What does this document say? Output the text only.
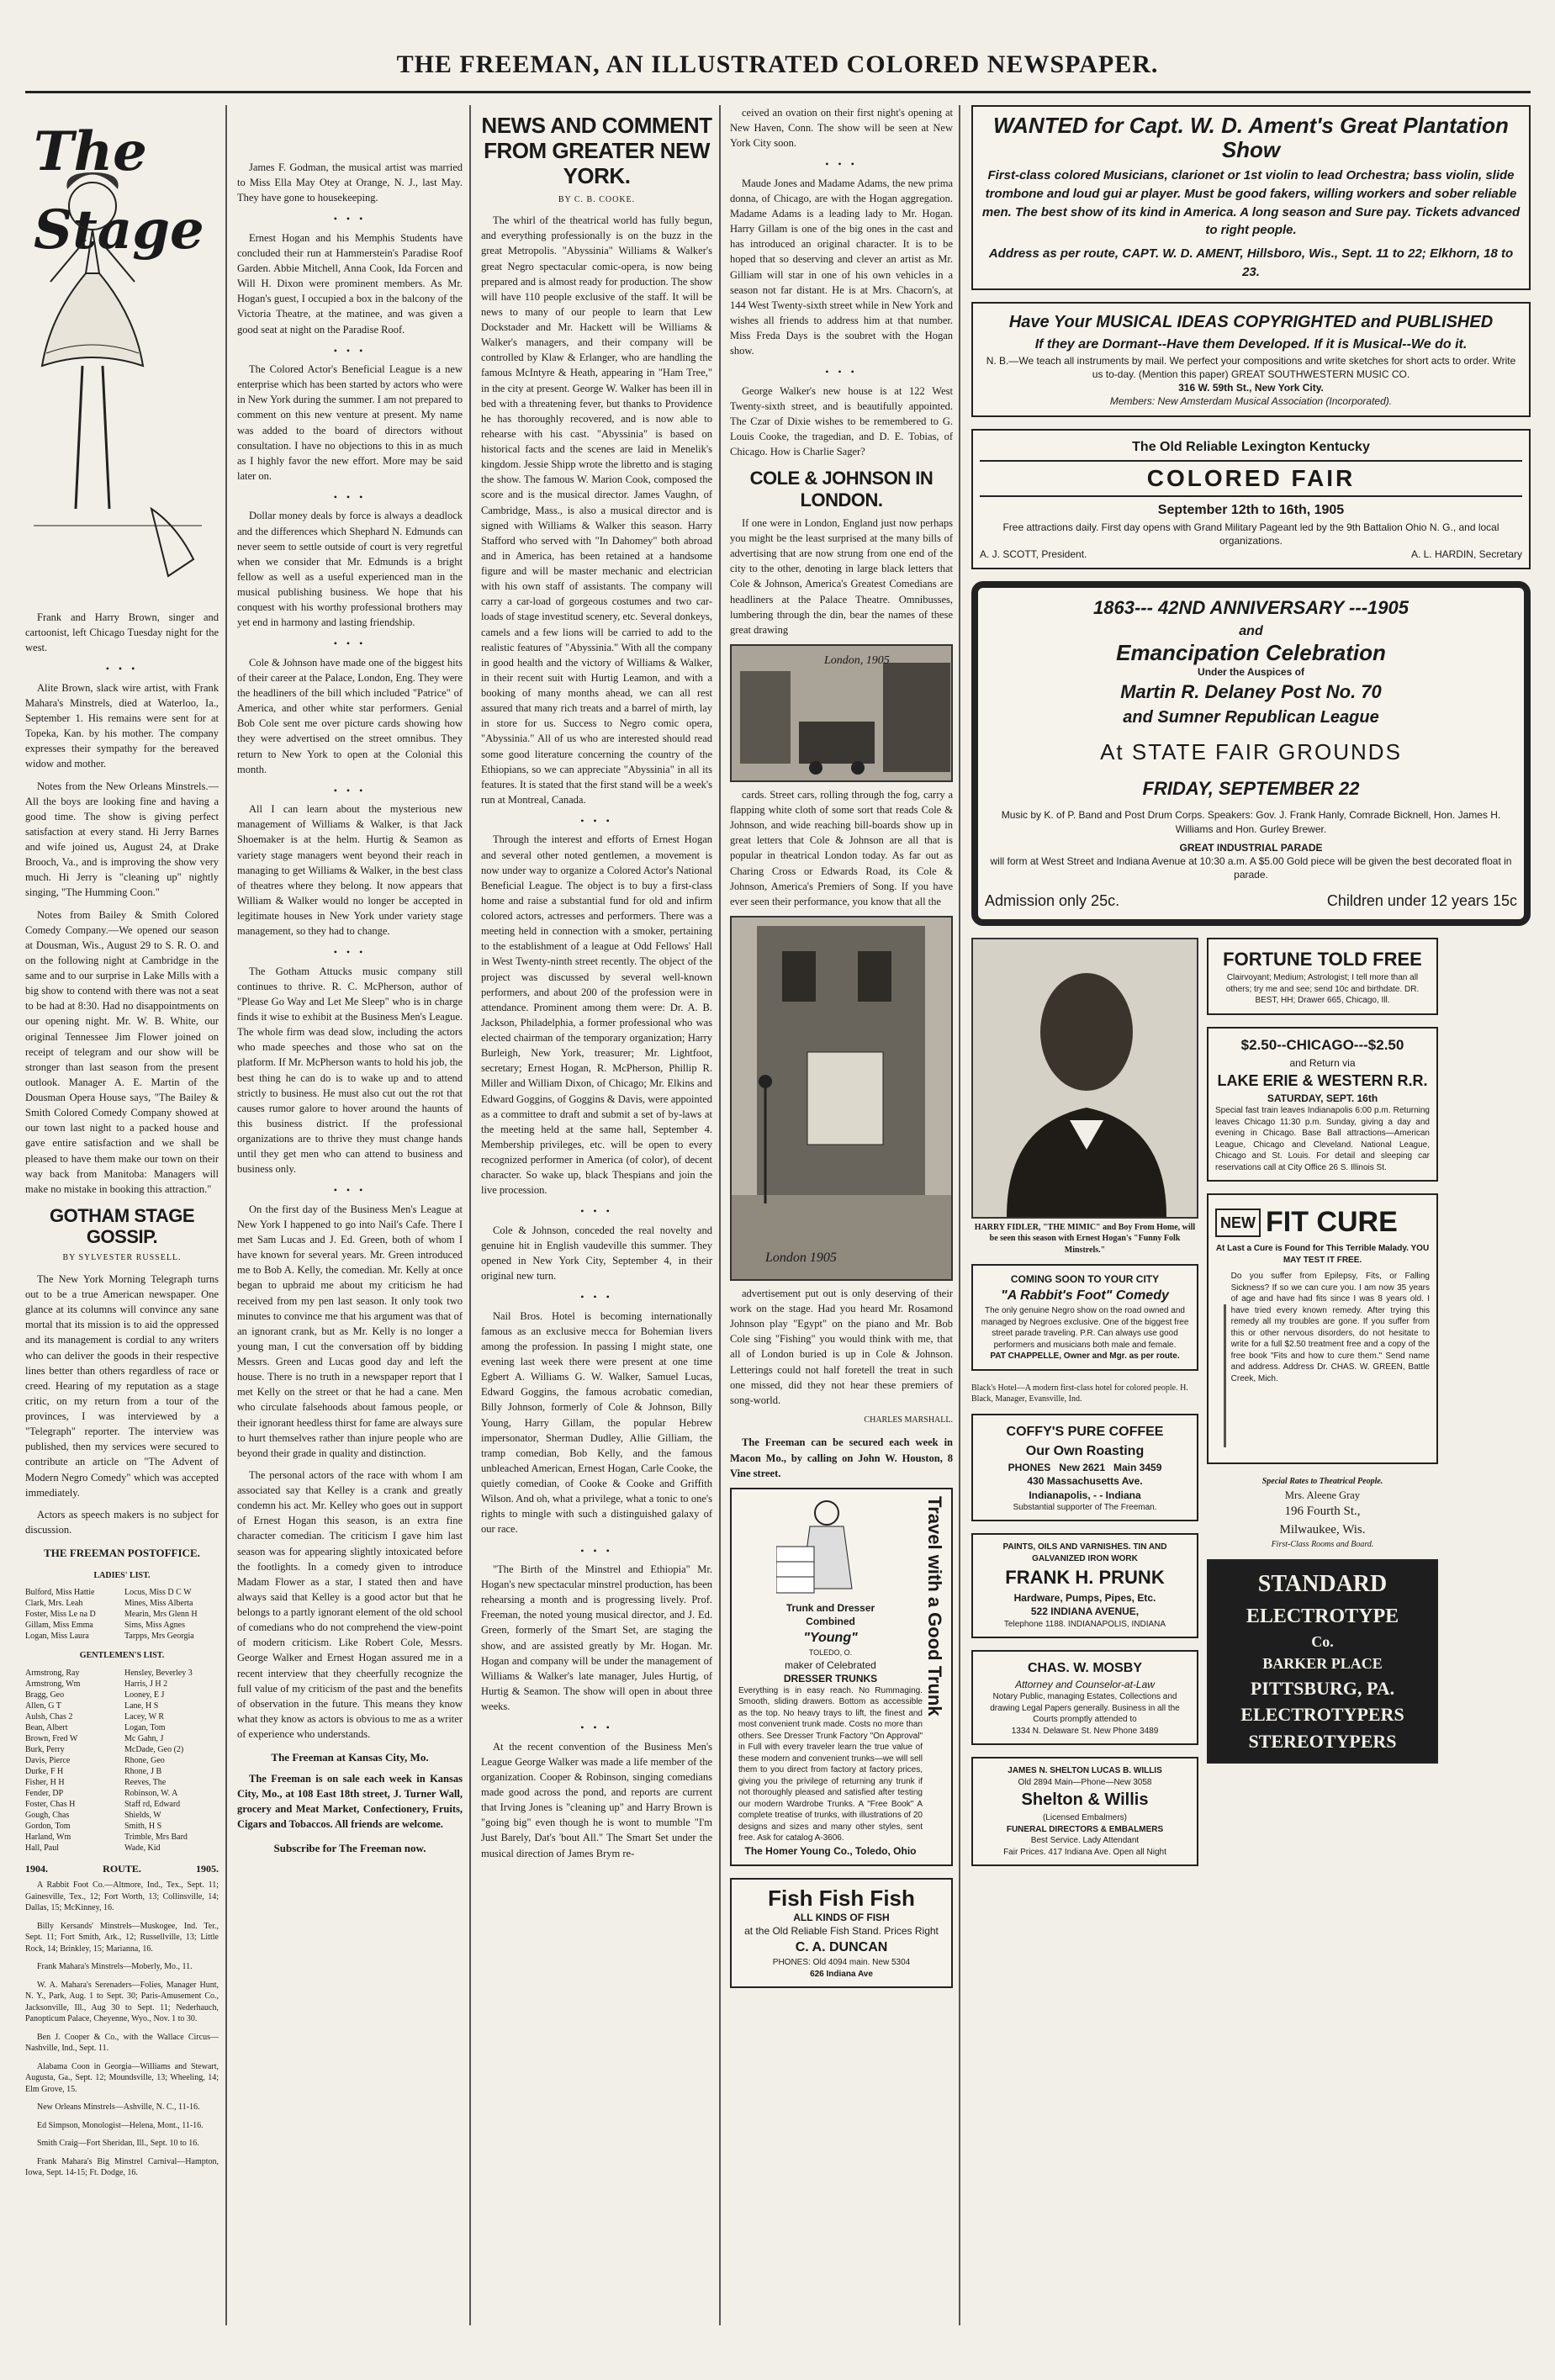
THE FREEMAN, AN ILLUSTRATED COLORED NEWSPAPER.
The Stage

Frank and Harry Brown, singer and cartoonist, left Chicago Tuesday night for the west.

• • •

Alite Brown, slack wire artist, with Frank Mahara's Minstrels, died at Waterloo, Ia., September 1. His remains were sent for at Topeka, Kan. by his mother. The company expresses their sympathy for the bereaved widow and mother.

Notes from the New Orleans Minstrels.—All the boys are looking fine and having a good time. The show is giving perfect satisfaction at every stand. Hi Jerry Barnes and wife joined us, August 24, at Drake Brooch, Va., and is improving the show very much. Hi Jerry is "cleaning up" nightly singing, "The Humming Coon."

Notes from Bailey & Smith Colored Comedy Company.—We opened our season at Dousman, Wis., August 29 to S. R. O. and on the following night at Cambridge in the same and to our surprise in Lake Mills with a big show to contend with there was not a seat to be had at 8:30. Had no disappointments on our opening night. Mr. W. B. White, our original Tennessee Jim Flower joined on receipt of telegram and our show will be stronger than last season from the present outlook. Manager A. E. Martin of the Dousman Opera House says, "The Bailey & Smith Colored Comedy Company showed at our town last night to a packed house and gave entire satisfaction and we shall be pleased to have them make our town on their way back from Manitoba: Managers will make no mistake in booking this attraction."

GOTHAM STAGE GOSSIP.
BY SYLVESTER RUSSELL.

The New York Morning Telegraph turns out to be a true American newspaper. One glance at its columns will convince any sane mortal that its mission is to aid the oppressed and its management is cordial to any writers who can deliver the goods in their respective lines better than others regardless of race or creed. Hearing of my reputation as a stage critic, on my return from a tour of the provinces, I was interviewed by a "Telegraph" reporter. The interview was published, then my services were secured to contribute an article on "The Advent of Modern Negro Comedy" which was accepted immediately.

Actors as speech makers is no subject for discussion.

THE FREEMAN POSTOFFICE.
LADIES' LIST.
Bulford, Miss Hattie	Locus, Miss D C W
Clark, Mrs. Leah	Mines, Miss Alberta
Foster, Miss Le na D	Mearin, Mrs Glenn H
Gillam, Miss Emma	Sims, Miss Agnes
Logan, Miss Laura	Tarpps, Mrs Georgia
GENTLEMEN'S LIST.
Armstrong, Ray	Hensley, Beverley 3
Armstrong, Wm	Harris, J H 2
Bragg, Geo	Looney, E J
Allen, G T	Lane, H S
Aulsh, Chas 2	Lacey, W R
Bean, Albert	Logan, Tom
Brown, Fred W	Mc Gahn, J
Burk, Perry	McDade, Geo (2)
Davis, Pierce	Rhone, Geo
Durke, F H	Rhone, J B
Fisher, H H	Reeves, The
Fender, DP	Robinson, W. A
Foster, Chas H	Staff rd, Edward
Gough, Chas	Shields, W
Gordon, Tom	Smith, H S
Harland, Wm	Trimble, Mrs Bard
Hall, Paul	Wade, Kid
1904.	ROUTE.	1905.

A Rabbit Foot Co.—Altmore, Ind., Tex., Sept. 11; Gainesville, Tex., 12; Fort Worth, 13; Collinsville, 14; Dallas, 15; McKinney, 16.

Billy Kersands' Minstrels—Muskogee, Ind. Ter., Sept. 11; Fort Smith, Ark., 12; Russellville, 13; Little Rock, 14; Brinkley, 15; Marianna, 16.

Frank Mahara's Minstrels—Moberly, Mo., 11.

W. A. Mahara's Serenaders—Folies, Manager Hunt, N. Y., Park, Aug. 1 to Sept. 30; Paris-Amusement Co., Jacksonville, Ill., Aug 30 to Sept. 11; Nederhauch, Panopticum Palace, Cheyenne, Wyo., Nov. 1 to 30.

Ben J. Cooper & Co., with the Wallace Circus—Nashville, Ind., Sept. 11.

Alabama Coon in Georgia—Williams and Stewart, Augusta, Ga., Sept. 12; Moundsville, 13; Wheeling, 14; Elm Grove, 15.

New Orleans Minstrels—Ashville, N. C., 11-16.

Ed Simpson, Monologist—Helena, Mont., 11-16.

Smith Craig—Fort Sheridan, Ill., Sept. 10 to 16.

Frank Mahara's Big Minstrel Carnival—Hampton, Iowa, Sept. 14-15; Ft. Dodge, 16.

James F. Godman, the musical artist was married to Miss Ella May Otey at Orange, N. J., last May. They have gone to housekeeping.

• • •

Ernest Hogan and his Memphis Students have concluded their run at Hammerstein's Paradise Roof Garden. Abbie Mitchell, Anna Cook, Ida Forcen and Will H. Dixon were prominent members. As Mr. Hogan's guest, I occupied a box in the balcony of the Victoria Theatre, at the matinee, and was given a good seat at night on the Paradise Roof.

• • •

The Colored Actor's Beneficial League is a new enterprise which has been started by actors who were in New York during the summer. I am not prepared to comment on this new venture at present. My name was added to the board of directors without consultation. I have no objections to this in as much as I highly favor the new effort. More may be said later on.

• • •

Dollar money deals by force is always a deadlock and the differences which Shephard N. Edmunds can never seem to settle outside of court is very regretful when we consider that Mr. Edmunds is a bright fellow as well as a useful experienced man in the musical publishing business. We hope that his conquest with his worthy professional brothers may yet end in harmony and lasting friendship.

• • •

Cole & Johnson have made one of the biggest hits of their career at the Palace, London, Eng. They were the headliners of the bill which included "Patrice" of America, and other white star performers. Genial Bob Cole sent me over picture cards showing how they were advertised on the street omnibus. They return to New York to open at the Colonial this month.

• • •

All I can learn about the mysterious new management of Williams & Walker, is that Jack Shoemaker is at the helm. Hurtig & Seamon as variety stage managers went beyond their reach in managing to get Williams & Walker, in the best class of theatres where they belong. It now appears that William & Walker would no longer be accepted in legitimate houses in New York under variety stage management, so they had to change.

• • •

The Gotham Attucks music company still continues to thrive. R. C. McPherson, author of "Please Go Way and Let Me Sleep" who is in charge finds it wise to exhibit at the Business Men's League. The whole firm was dead slow, including the actors who made speeches and those who sat on the platform. If Mr. McPherson wants to hold his job, the best thing he can do is to wake up and to attend strictly to business. He must also cut out the rot that causes rumor galore to hover around the haunts of this business district. If the professional organizations are to thrive they must change hands until they get men who can attend to business and business only.

• • •

On the first day of the Business Men's League at New York I happened to go into Nail's Cafe. There I met Sam Lucas and J. Ed. Green, both of whom I have known for several years. Mr. Green introduced me to Bob A. Kelly, the comedian. Mr. Kelly at once began to upbraid me about my criticism he had received from my pen last season. It only took two minutes to convince me that his argument was that of an ignorant crank, but as Mr. Kelly is no longer a young man, I cut the conversation off by bidding Messrs. Green and Lucas good day and left the house. There is no truth in a newspaper report that I met Kelly on the street or that he had a cane. Men who circulate falsehoods about famous people, or their ignorant heedless thirst for fame are always sure to hurt themselves rather than injure people who are beyond their grade in quality and distinction.

The personal actors of the race with whom I am associated say that Kelley is a crank and greatly condemn his act. Mr. Kelley who goes out in support of Ernest Hogan this season, is an extra fine character comedian. The criticism I gave him last season was for appearing slightly intoxicated before the footlights. In a comedy given to introduce Madam Flower as a star, I stated then and have always said that Kelley is a good actor but that he belongs to a partly ignorant element of the old school of comedians who do not comprehend the view-point of modern criticism. Like Robert Cole, Messrs. George Walker and Ernest Hogan assured me in a recent interview that they cheerfully recognize the full value of my criticism of the past and the benefits of observation in the future. This means they know what they know as actors is obvious to me as a writer of experience who understands.

The Freeman at Kansas City, Mo.

The Freeman is on sale each week in Kansas City, Mo., at 108 East 18th street, J. Turner Wall, grocery and Meat Market, Confectionery, Fruits, Cigars and Tobaccos. All friends are welcome.

Subscribe for The Freeman now.
NEWS AND COMMENT FROM GREATER NEW YORK.
BY C. B. COOKE.

The whirl of the theatrical world has fully begun, and everything professionally is on the buzz in the great Metropolis. "Abyssinia" Williams & Walker's great Negro spectacular comic-opera, is now being prepared and is almost ready for production. The show will have 110 people exclusive of the staff. It will be news to many of our people to learn that Lew Dockstader and Mr. Hackett will be Williams & Walker's managers, and their company will be controlled by Klaw & Erlanger, who are handling the famous McIntyre & Heath, appearing in "Ham Tree," in the city at present. George W. Walker has been ill in bed with a threatening fever, but thanks to Providence he has thoroughly recovered, and is now able to rehearse with his cast. "Abyssinia" is based on historical facts and the scenes are laid in Menelik's kingdom. Jessie Shipp wrote the libretto and is staging the show. The famous W. Marion Cook, composed the score and is the musical director. James Vaughn, of Cambridge, Mass., is also a musical director and is signed with Williams & Walker this season. Harry Stafford who served with "In Dahomey" both abroad and in America, has been retained at a handsome figure and will be master mechanic and electrician with his own staff of assistants. The company will carry a car-load of gorgeous costumes and two car-loads of stage investitud scenery, etc. Several donkeys, camels and a few lions will be carried to add to the realistic features of "Abyssinia." With all the company in good health and the victory of Williams & Walker, in their recent suit with Hurtig Leamon, and with a booking of many months ahead, we can all rest assured that many rich treats and a barrel of mirth, lay in store for us. Success to Negro comic opera, "Abyssinia." All of us who are interested should read some good literature concerning the country of the Ethiopians, so we can appreciate "Abyssinia" in all its features. It is stated that the first stand will be a week's run at Montreal, Canada.

• • •

Through the interest and efforts of Ernest Hogan and several other noted gentlemen, a movement is now under way to organize a Colored Actor's National Beneficial League. The object is to buy a first-class home and raise a substantial fund for old and infirm colored actors, actresses and performers. There was a meeting held in connection with a smoker, pertaining to the establishment of a league at Odd Fellows' Hall in West Twenty-ninth street recently. The object of the project was discussed by several well-known performers, and about 200 of the profession were in attendance. Prominent among them were: Dr. A. B. Jackson, Philadelphia, a former professional who was elected chairman of the temporary organization; Harry Burleigh, New York, treasurer; Mr. Lightfoot, secretary; Ernest Hogan, R. McPherson, Phillip R. Miller and William Dixon, of Chicago; Mr. Elkins and Edward Goggins, of Goggins & Davis, were appointed as a committee to draft and submit a set of by-laws at the meeting held at the same hall, September 4. Membership privileges, etc. will be open to every recognized performer in America (of color), of decent character. So wake up, black Thespians and join the live procession.

• • •

Cole & Johnson, conceded the real novelty and genuine hit in English vaudeville this summer. They opened in New York City, September 4, in their original new turn.

• • •

Nail Bros. Hotel is becoming internationally famous as an exclusive mecca for Bohemian livers among the profession. In passing I might state, one evening last week there were present at one time Egbert A. Williams G. W. Walker, Samuel Lucas, Edward Goggins, the famous acrobatic comedian, Billy Johnson, formerly of Cole & Johnson, Billy Young, Harry Gillam, the popular Hebrew impersonator, Sherman Dudley, Allie Gilliam, the tramp comedian, Bob Kelly, and the famous unbleached American, Ernest Hogan, Carle Cooke, the quietly comedian, of Cooke & Cooke and Griffith Wilson. And oh, what a privilege, what a tonic to one's rights to mingle with such a distinguished galaxy of our race.

• • •

"The Birth of the Minstrel and Ethiopia" Mr. Hogan's new spectacular minstrel production, has been rehearsing a month and is progressing lively. Prof. Freeman, the noted young musical director, and J. Ed. Green, formerly of the Smart Set, are staging the show, and are assisted greatly by Mr. Hogan. Mr. Hogan and company will be under the management of Williams & Walker's late manager, Jules Hurtig, of Hurtig & Seamon. The show will open in about three weeks.

• • •

At the recent convention of the Business Men's League George Walker was made a life member of the organization. Cooper & Robinson, singing comedians made good across the pond, and reports are current that Irving Jones is "cleaning up" and Harry Brown is "going big" even though he is wont to mumble "I'm Just Barely, Dat's 'bout All." The Smart Set under the musical direction of James Brym re-

ceived an ovation on their first night's opening at New Haven, Conn. The show will be seen at New York City soon.

• • •

Maude Jones and Madame Adams, the new prima donna, of Chicago, are with the Hogan aggregation. Madame Adams is a leading lady to Mr. Hogan. Harry Gillam is one of the big ones in the cast and has introduced an original character. It is to be hoped that so deserving and clever an artist as Mr. Gilliam will star in one of his own vehicles in a season not far distant. He is at Mrs. Chacorn's, at 144 West Twenty-sixth street while in New York and wishes all friends to address him at that number. Miss Freda Days is the soubret with the Hogan show.

• • •

George Walker's new house is at 122 West Twenty-sixth street, and is beautifully appointed. The Czar of Dixie wishes to be remembered to G. Louis Cooke, the tragedian, and D. E. Tobias, of Chicago. How is Charlie Sager?

COLE & JOHNSON IN LONDON.

If one were in London, England just now perhaps you might be the least surprised at the many bills of advertising that are now strung from one end of the city to the other, denoting in large black letters that Cole & Johnson, America's Greatest Comedians are headliners at the Palace Theatre. Omnibusses, lumbering through the din, bear the names of these great drawing

London, 1905

cards. Street cars, rolling through the fog, carry a flapping white cloth of some sort that reads Cole & Johnson, and wide reaching bill-boards show up in great letters that Cole & Johnson are all that is popular in theatrical London today. As far out as Charing Cross or Edwards Road, its Cole & Johnson, America's Premiers of Song. If you have ever seen their performance, you know that all the

London 1905

advertisement put out is only deserving of their work on the stage. Had you heard Mr. Rosamond Johnson play "Egypt" on the piano and Mr. Bob Cole sing "Fishing" you would think with me, that all of London buried is up in Cole & Johnson. Letterings could not half foretell the treat in such one missed, did they not hear these premiers of song-world.

CHARLES MARSHALL.

The Freeman can be secured each week in Macon Mo., by calling on John W. Houston, 8 Vine street.

Travel with a Good Trunk
Trunk and Dresser
Combined
"Young"
TOLEDO, O.
maker of Celebrated
DRESSER TRUNKS
Everything is in easy reach. No Rummaging. Smooth, sliding drawers. Bottom as accessible as the top. No heavy trays to lift, the finest and most convenient trunk made. Costs no more than others. See Dresser Trunk Factory "On Approval" in Full with every traveler learn the true value of these modern and convenient trunks—we will sell them to you direct from factory at factory prices, giving you the privilege of returning any trunk if not thoroughly pleased and satisfied after testing our modern Wardrobe Trunks. A "Free Book" A complete treatise of trunks, with illustrations of 20 designs and sizes and many other styles, sent free. Ask for catalog A-3606.
The Homer Young Co., Toledo, Ohio
Fish Fish Fish
ALL KINDS OF FISH
at the Old Reliable Fish Stand. Prices Right
C. A. DUNCAN
PHONES: Old 4094 main. New 5304
626 Indiana Ave
WANTED for Capt. W. D. Ament's Great Plantation Show
First-class colored Musicians, clarionet or 1st violin to lead Orchestra; bass violin, slide trombone and loud gui ar player. Must be good fakers, willing workers and sober reliable men. The best show of its kind in America. A long season and Sure pay. Tickets advanced to right people.
Address as per route, CAPT. W. D. AMENT, Hillsboro, Wis., Sept. 11 to 22; Elkhorn, 18 to 23.
Have Your MUSICAL IDEAS COPYRIGHTED and PUBLISHED
If they are Dormant--Have them Developed. If it is Musical--We do it.
N. B.—We teach all instruments by mail. We perfect your compositions and write sketches for short acts to order. Write us to-day. (Mention this paper) GREAT SOUTHWESTERN MUSIC CO.
316 W. 59th St., New York City.
Members: New Amsterdam Musical Association (Incorporated).
The Old Reliable Lexington Kentucky
COLORED FAIR
September 12th to 16th, 1905
Free attractions daily. First day opens with Grand Military Pageant led by the 9th Battalion Ohio N. G., and local organizations.
A. J. SCOTT, President.	A. L. HARDIN, Secretary
1863--- 42ND ANNIVERSARY ---1905
and
Emancipation Celebration
Under the Auspices of
Martin R. Delaney Post No. 70
and Sumner Republican League
At STATE FAIR GROUNDS
FRIDAY, SEPTEMBER 22
Music by K. of P. Band and Post Drum Corps. Speakers: Gov. J. Frank Hanly, Comrade Bicknell, Hon. James H. Williams and Hon. Gurley Brewer.
GREAT INDUSTRIAL PARADE
will form at West Street and Indiana Avenue at 10:30 a.m. A $5.00 Gold piece will be given the best decorated float in parade.
Admission only 25c.	Children under 12 years 15c
HARRY FIDLER, "THE MIMIC" and Boy From Home, will be seen this season with Ernest Hogan's "Funny Folk Minstrels."
COMING SOON TO YOUR CITY
"A Rabbit's Foot" Comedy
The only genuine Negro show on the road owned and managed by Negroes exclusive. One of the biggest free street parade traveling. P.R. Can always use good performers and musicians both male and female.
PAT CHAPPELLE, Owner and Mgr. as per route.
Black's Hotel—A modern first-class hotel for colored people. H. Black, Manager, Evansville, Ind.
COFFY'S PURE COFFEE
Our Own Roasting
PHONES New 2621 Main 3459
430 Massachusetts Ave.
Indianapolis, - - Indiana
Substantial supporter of The Freeman.
PAINTS, OILS AND VARNISHES. TIN AND GALVANIZED IRON WORK
FRANK H. PRUNK
Hardware, Pumps, Pipes, Etc.
522 INDIANA AVENUE,
Telephone 1188. INDIANAPOLIS, INDIANA
CHAS. W. MOSBY
Attorney and Counselor-at-Law
Notary Public, managing Estates, Collections and drawing Legal Papers generally. Business in all the Courts promptly attended to
1334 N. Delaware St. New Phone 3489
JAMES N. SHELTON LUCAS B. WILLIS
Old 2894 Main—Phone—New 3058
Shelton & Willis
(Licensed Embalmers)
FUNERAL DIRECTORS & EMBALMERS
Best Service. Lady Attendant
Fair Prices. 417 Indiana Ave. Open all Night
FORTUNE TOLD FREE
Clairvoyant; Medium; Astrologist; I tell more than all others; try me and see; send 10c and birthdate. DR. BEST, HH; Drawer 665, Chicago, Ill.
$2.50--CHICAGO---$2.50
and Return via
LAKE ERIE & WESTERN R.R.
SATURDAY, SEPT. 16th
Special fast train leaves Indianapolis 6:00 p.m. Returning leaves Chicago 11:30 p.m. Sunday, giving a day and evening in Chicago. Base Ball attractions—American League, Chicago and Cleveland. National League, Chicago and St. Louis. For detail and sleeping car reservations call at City Office 26 S. Illinois St.
NEW FIT CURE
At Last a Cure is Found for This Terrible Malady. YOU MAY TEST IT FREE.
Do you suffer from Epilepsy, Fits, or Falling Sickness? If so we can cure you. I am now 35 years of age and have had fits since I was 8 years old. I have tried every known remedy. After trying this remedy all my troubles are gone. If you suffer from this or other nervous disorders, do not hesitate to write for a full $2.50 treatment free and a copy of the free book "Fits and how to cure them." Send name and address. Address Dr. CHAS. W. GREEN, Battle Creek, Mich.
Special Rates to Theatrical People.
Mrs. Aleene Gray
196 Fourth St.,
Milwaukee, Wis.
First-Class Rooms and Board.
STANDARD
ELECTROTYPE
Co.
BARKER PLACE
PITTSBURG, PA.
ELECTROTYPERS
STEREOTYPERS
